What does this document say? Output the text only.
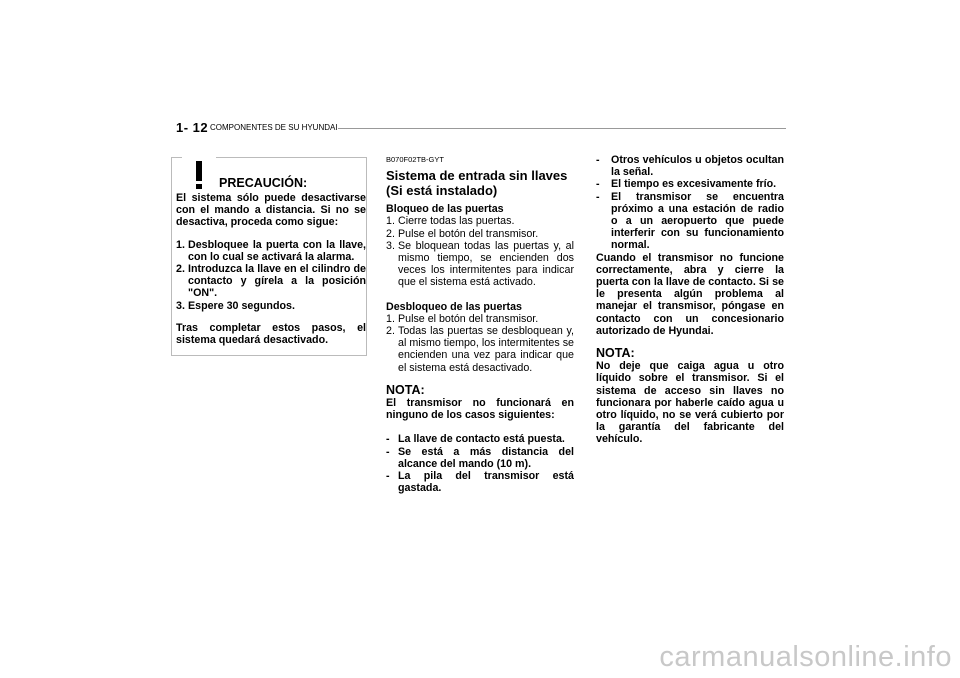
1- 12 COMPONENTES DE SU HYUNDAI
PRECAUCIÓN:

El sistema sólo puede desactivarse con el mando a distancia. Si no se desactiva, proceda como sigue:

1. Desbloquee la puerta con la llave, con lo cual se activará la alarma.
2. Introduzca la llave en el cilindro de contacto y gírela a la posición "ON".
3. Espere 30 segundos.

Tras completar estos pasos, el sistema quedará desactivado.

B070F02TB-GYT
Sistema de entrada sin llaves
(Si está instalado)
Bloqueo de las puertas
1. Cierre todas las puertas.
2. Pulse el botón del transmisor.
3. Se bloquean todas las puertas y, al mismo tiempo, se encienden dos veces los intermitentes para indicar que el sistema está activado.
Desbloqueo de las puertas
1. Pulse el botón del transmisor.
2. Todas las puertas se desbloquean y, al mismo tiempo, los intermitentes se encienden una vez para indicar que el sistema está desactivado.
NOTA:

El transmisor no funcionará en ninguno de los casos siguientes:

- La llave de contacto está puesta.
- Se está a más distancia del alcance del mando (10 m).
- La pila del transmisor está gastada.
- Otros vehículos u objetos ocultan la señal.
- El tiempo es excesivamente frío.
- El transmisor se encuentra próximo a una estación de radio o a un aeropuerto que puede interferir con su funcionamiento normal.

Cuando el transmisor no funcione correctamente, abra y cierre la puerta con la llave de contacto. Si se le presenta algún problema al manejar el transmisor, póngase en contacto con un concesionario autorizado de Hyundai.

NOTA:

No deje que caiga agua u otro líquido sobre el transmisor. Si el sistema de acceso sin llaves no funcionara por haberle caído agua u otro líquido, no se verá cubierto por la garantía del fabricante del vehículo.

carmanualsonline.info
